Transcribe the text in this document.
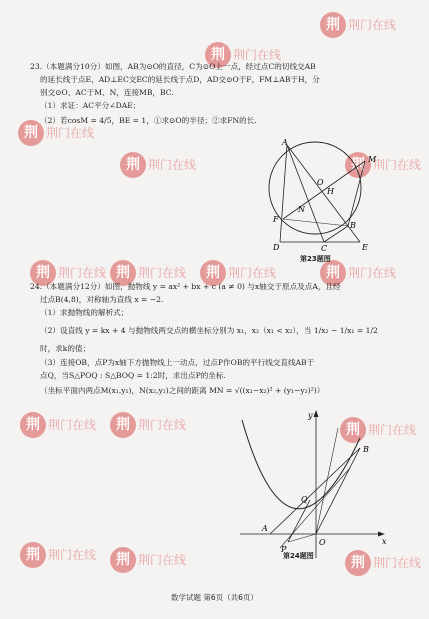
荆 荆门在线
荆 荆门在线
荆 荆门在线
荆 荆门在线
荆 荆门在线 荆 荆门在线	荆 荆门在线	荆 荆门在线
荆 荆门在线
荆 荆门在线	荆 荆门在线	荆 荆门在线
荆 荆门在线	荆 荆门在线	荆 荆门在线
23.（本题满分10分）如图，AB为⊙O的直径，C为⊙O上一点，经过点C的切线交AB
的延长线于点E，AD⊥EC交EC的延长线于点D，AD交⊙O于F，FM⊥AB于H，分
别交⊙O、AC于M、N，连接MB，BC.
（1）求证：AC平分∠DAE；
（2）若cosM = 4/5，BE = 1，①求⊙O的半径；②求FN的长.
A
M
O
H
F
N
B
D	C	E
第23题图
24.（本题满分12分）如图，抛物线 y = ax² + bx + c (a ≠ 0) 与x轴交于原点及点A，且经
过点B(4,8)，对称轴为直线 x = −2.
（1）求抛物线的解析式；
（2）设直线 y = kx + 4 与抛物线两交点的横坐标分别为 x₁，x₂（x₁ < x₂），当 1/x₂ − 1/x₁ = 1/2
时，求k的值；
（3）连接OB，点P为x轴下方抛物线上一动点，过点P作OB的平行线交直线AB于
点Q，当S△POQ : S△BOQ = 1:2时，求出点P的坐标.
（坐标平面内两点M(x₁,y₁)，N(x₂,y₂)之间的距离 MN = √((x₁−x₂)² + (y₁−y₂)²)）
y
x
B
Q
A
O
P
第24题图
数学试题 第6页（共6页）
